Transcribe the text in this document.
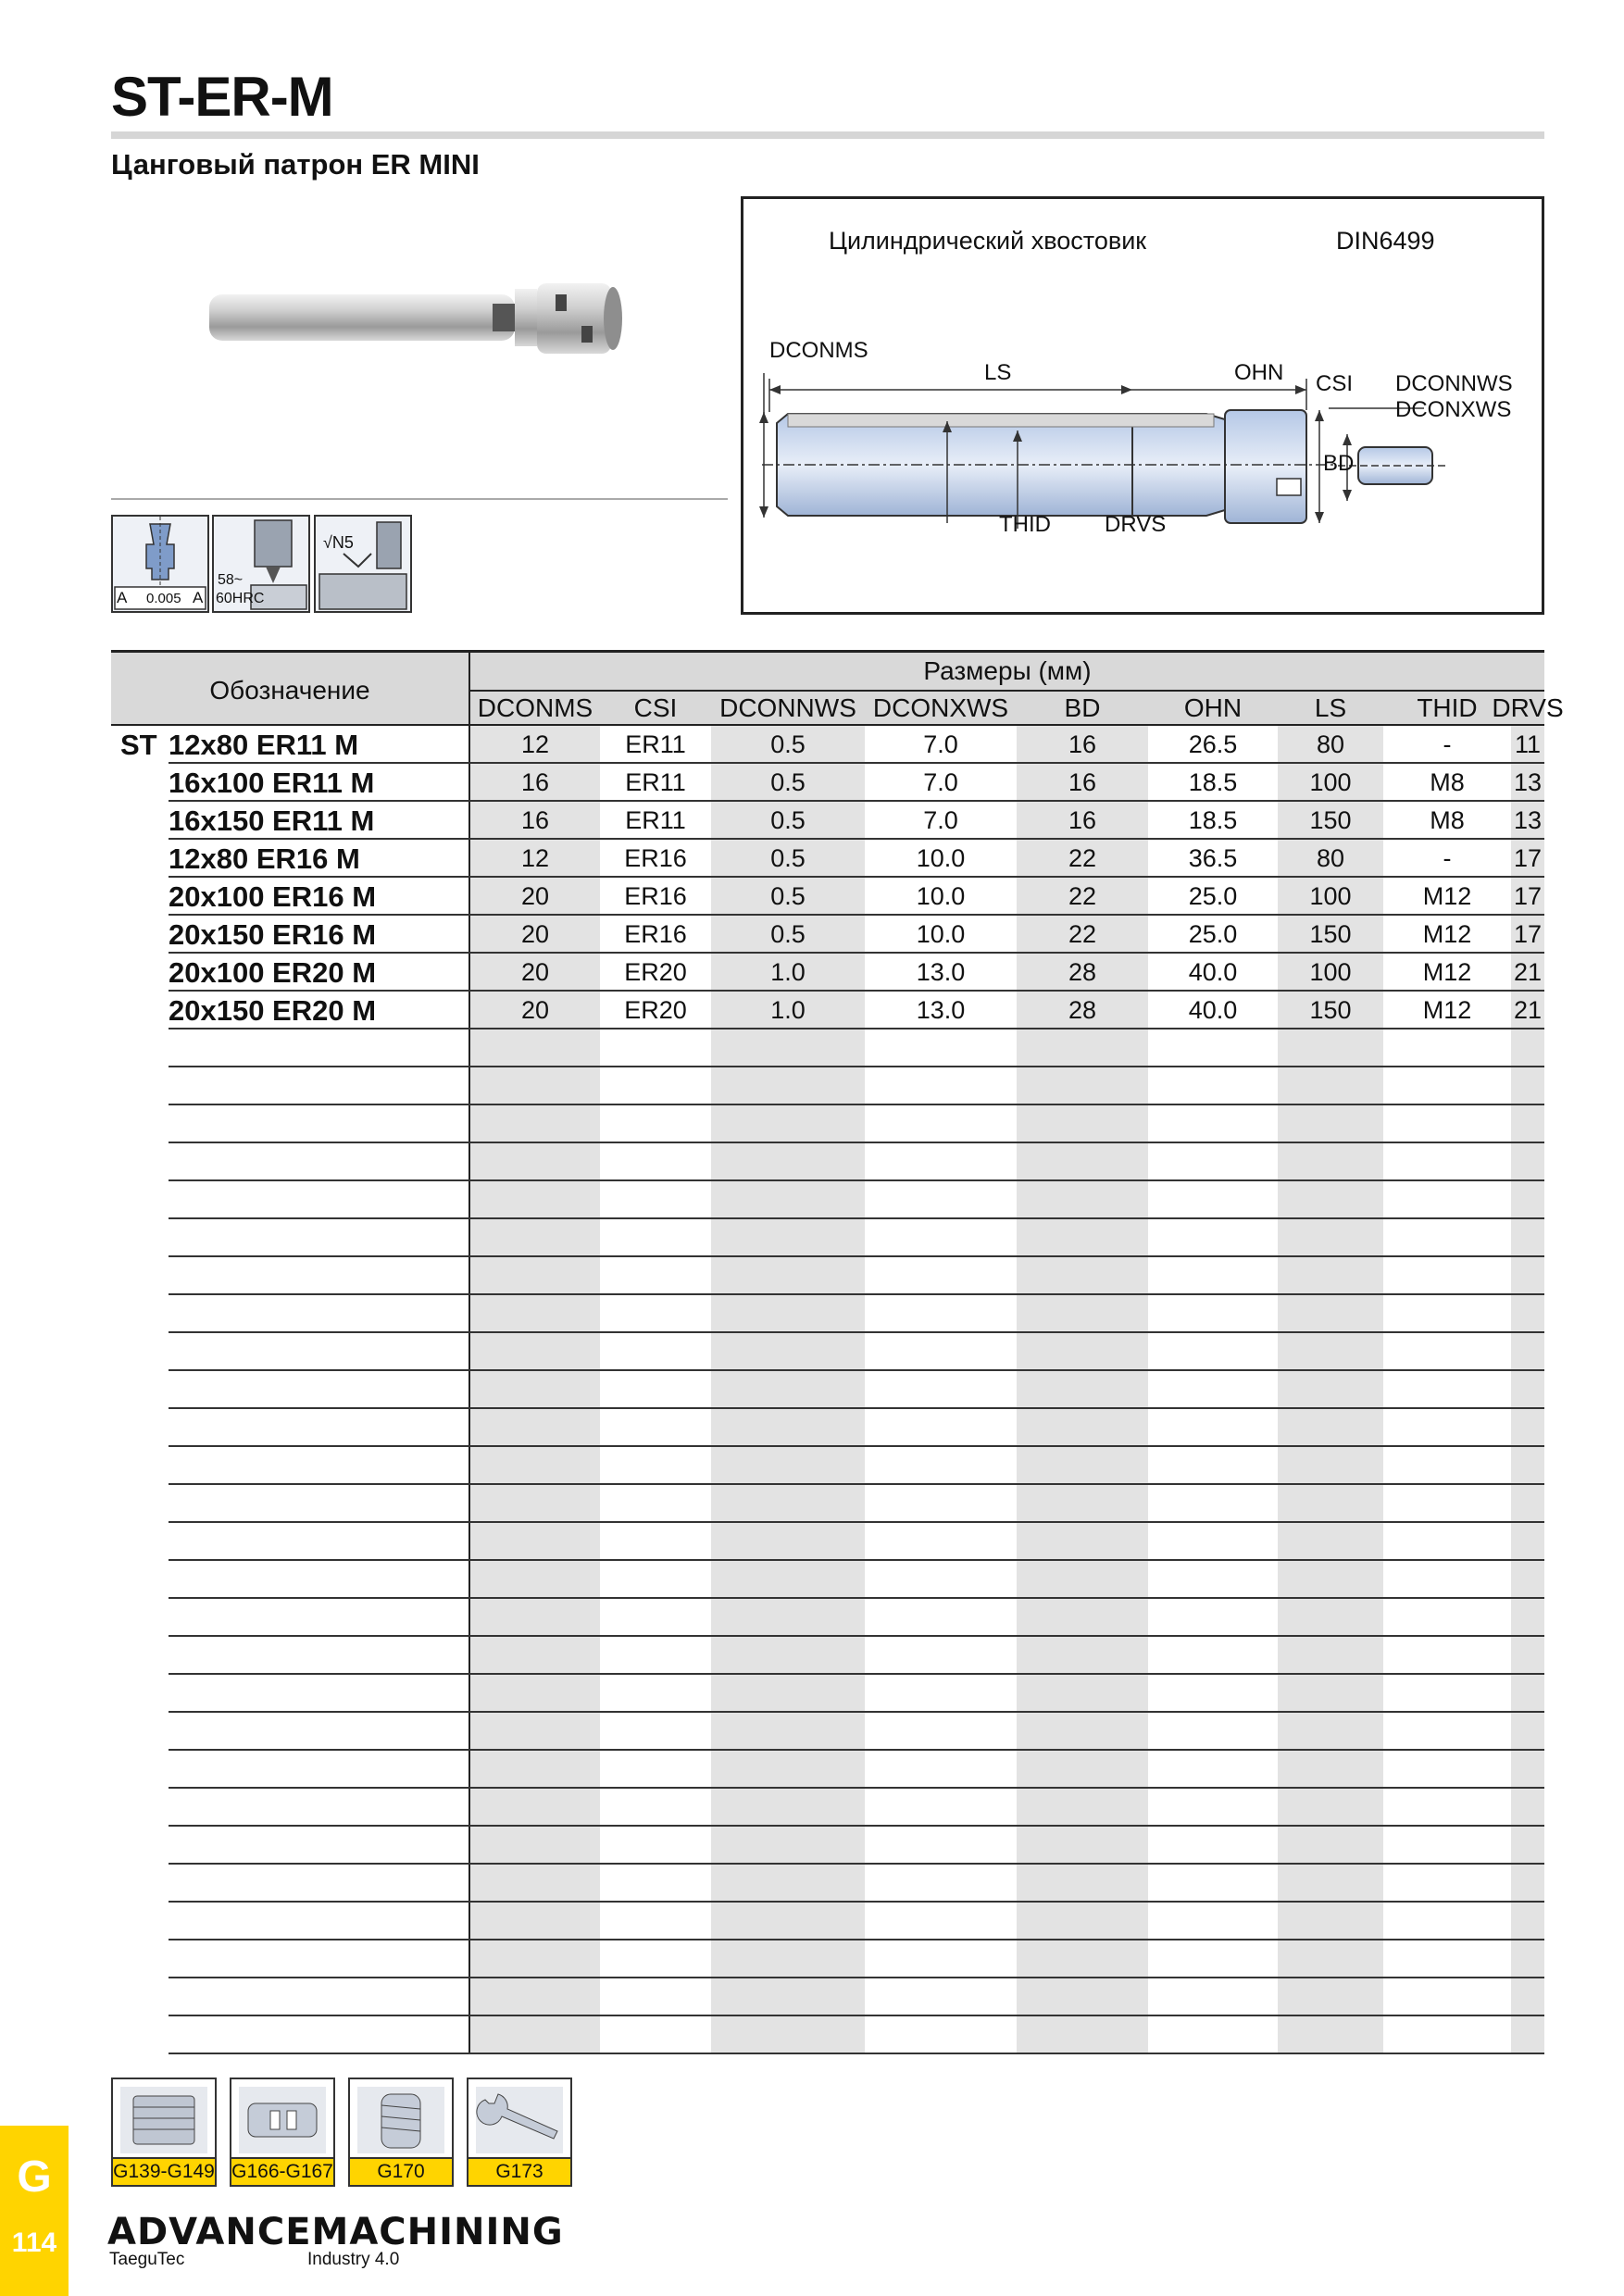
ST-ER-M
Цанговый патрон ER MINI
A 0.005 A
58~
60HRC
√N5
Цилиндрический хвостовик	DIN6499
DCONMS
LS	OHN CSI DCONNWS
DCONXWS
BD
THID DRVS
Обозначение
Размеры (мм)
DCONMS	CSI	DCONNWS DCONXWS	BD	OHN	LS	THID DRVS
ST 12x80 ER11 M	12	ER11	0.5	7.0	16	26.5	80	-	11
16x100 ER11 M	16	ER11	0.5	7.0	16	18.5	100	M8	13
16x150 ER11 M	16	ER11	0.5	7.0	16	18.5	150	M8	13
12x80 ER16 M	12	ER16	0.5	10.0	22	36.5	80	-	17
20x100 ER16 M	20	ER16	0.5	10.0	22	25.0	100	M12	17
20x150 ER16 M	20	ER16	0.5	10.0	22	25.0	150	M12	17
20x100 ER20 M	20	ER20	1.0	13.0	28	40.0	100	M12	21
20x150 ER20 M	20	ER20	1.0	13.0	28	40.0	150	M12	21
G139-G149 G166-G167	G170	G173
G
114	ADVANCEMACHINING
TaeguTec	Industry 4.0
